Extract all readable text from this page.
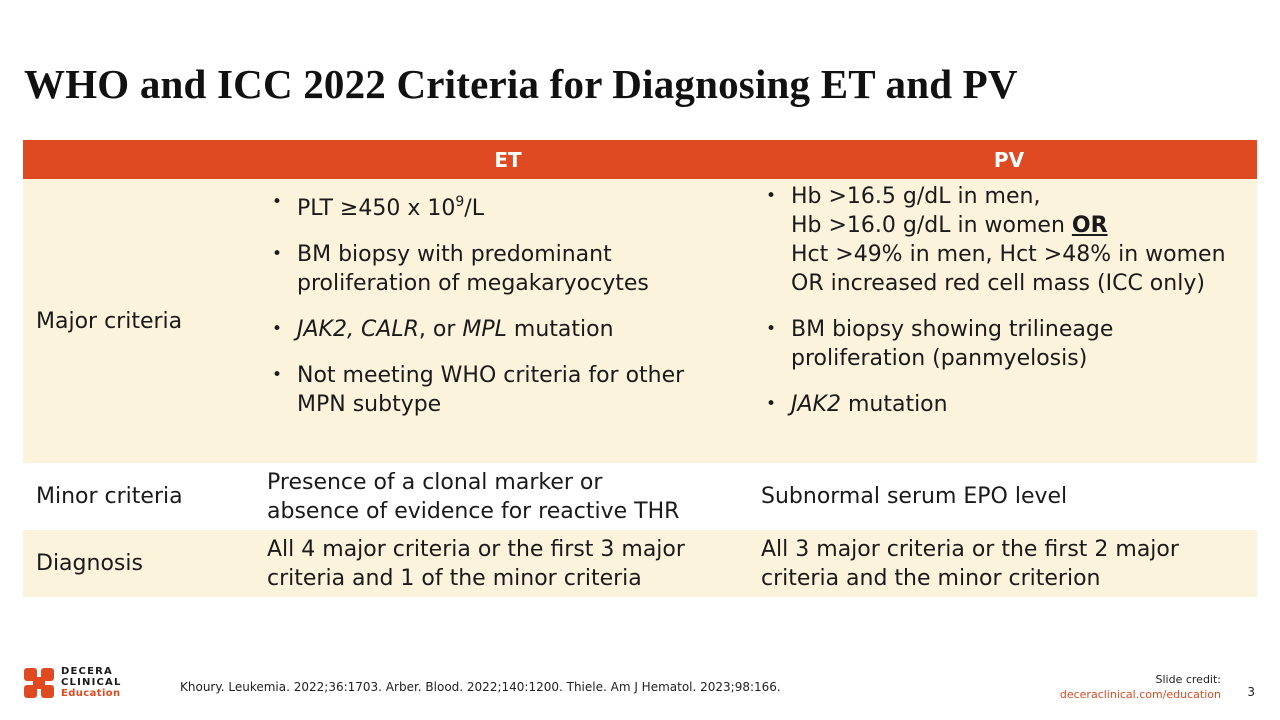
WHO and ICC 2022 Criteria for Diagnosing ET and PV
ET	PV
Major criteria
• PLT ≥450 x $10^9/L$
• BM biopsy with predominant
proliferation of megakaryocytes
• JAK2, CALR, or MPL mutation
• Not meeting WHO criteria for other
MPN subtype
• Hb >16.5 g/dL in men,
Hb >16.0 g/dL in women OR
Hct >49% in men, Hct >48% in women
OR increased red cell mass (ICC only)
• BM biopsy showing trilineage
proliferation (panmyelosis)
• JAK2 mutation
Minor criteria
Presence of a clonal marker or
absence of evidence for reactive THR
Subnormal serum EPO level
Diagnosis
All 4 major criteria or the first 3 major
criteria and 1 of the minor criteria
All 3 major criteria or the first 2 major
criteria and the minor criterion
DECERA
CLINICAL
Education	Khoury. Leukemia. 2022;36:1703. Arber. Blood. 2022;140:1200. Thiele. Am J Hematol. 2023;98:166.
Slide credit:
deceraclinical.com/education 3
